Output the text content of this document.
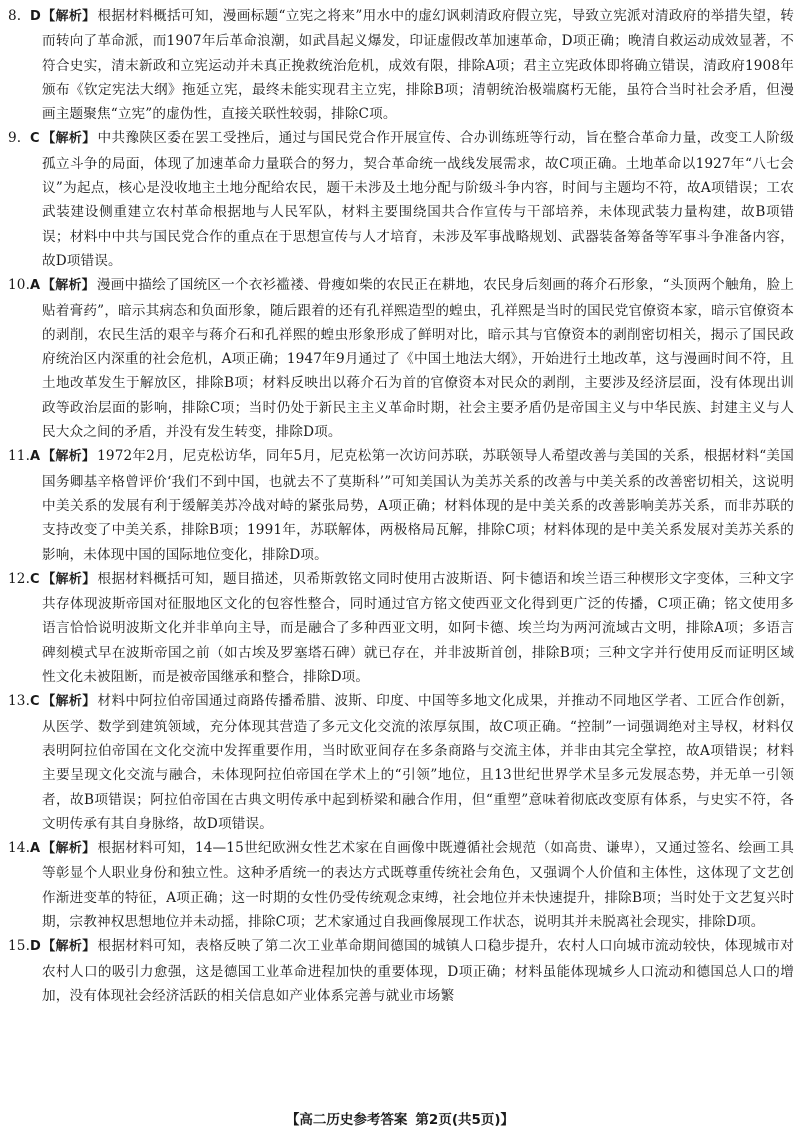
8. D【解析】 根据材料概括可知，漫画标题“立宪之将来”用水中的虚幻讽刺清政府假立宪，导致立宪派对清政府的举措失望，转而转向了革命派，而1907年后革命浪潮，如武昌起义爆发，印证虚假改革加速革命，D项正确；晚清自救运动成效显著，不符合史实，清末新政和立宪运动并未真正挽救统治危机，成效有限，排除A项；君主立宪政体即将确立错误，清政府1908年颁布《钦定宪法大纲》拖延立宪，最终未能实现君主立宪，排除B项；清朝统治极端腐朽无能，虽符合当时社会矛盾，但漫画主题聚焦“立宪”的虚伪性，直接关联性较弱，排除C项。

9. C 【解析】 中共豫陕区委在罢工受挫后，通过与国民党合作开展宣传、合办训练班等行动，旨在整合革命力量，改变工人阶级孤立斗争的局面，体现了加速革命力量联合的努力，契合革命统一战线发展需求，故C项正确。土地革命以1927年“八七会议”为起点，核心是没收地主土地分配给农民，题干未涉及土地分配与阶级斗争内容，时间与主题均不符，故A项错误；工农武装建设侧重建立农村革命根据地与人民军队，材料主要围绕国共合作宣传与干部培养，未体现武装力量构建，故B项错误；材料中中共与国民党合作的重点在于思想宣传与人才培育，未涉及军事战略规划、武器装备筹备等军事斗争准备内容，故D项错误。

10.A 【解析】 漫画中描绘了国统区一个衣衫褴褛、骨瘦如柴的农民正在耕地，农民身后刻画的蒋介石形象，“头顶两个触角，脸上贴着膏药”，暗示其病态和负面形象，随后跟着的还有孔祥熙造型的蝗虫，孔祥熙是当时的国民党官僚资本家，暗示官僚资本的剥削，农民生活的艰辛与蒋介石和孔祥熙的蝗虫形象形成了鲜明对比，暗示其与官僚资本的剥削密切相关，揭示了国民政府统治区内深重的社会危机，A项正确；1947年9月通过了《中国土地法大纲》，开始进行土地改革，这与漫画时间不符，且土地改革发生于解放区，排除B项；材料反映出以蒋介石为首的官僚资本对民众的剥削，主要涉及经济层面，没有体现出训政等政治层面的影响，排除C项；当时仍处于新民主主义革命时期，社会主要矛盾仍是帝国主义与中华民族、封建主义与人民大众之间的矛盾，并没有发生转变，排除D项。

11.A 【解析】 1972年2月，尼克松访华，同年5月，尼克松第一次访问苏联，苏联领导人希望改善与美国的关系，根据材料“美国国务卿基辛格曾评价‘我们不到中国，也就去不了莫斯科’”可知美国认为美苏关系的改善与中美关系的改善密切相关，这说明中美关系的发展有利于缓解美苏冷战对峙的紧张局势，A项正确；材料体现的是中美关系的改善影响美苏关系，而非苏联的支持改变了中美关系，排除B项；1991年，苏联解体，两极格局瓦解，排除C项；材料体现的是中美关系发展对美苏关系的影响，未体现中国的国际地位变化，排除D项。

12.C 【解析】 根据材料概括可知，题目描述，贝希斯敦铭文同时使用古波斯语、阿卡德语和埃兰语三种楔形文字变体，三种文字共存体现波斯帝国对征服地区文化的包容性整合，同时通过官方铭文使西亚文化得到更广泛的传播，C项正确；铭文使用多语言恰恰说明波斯文化并非单向主导，而是融合了多种西亚文明，如阿卡德、埃兰均为两河流域古文明，排除A项；多语言碑刻模式早在波斯帝国之前（如古埃及罗塞塔石碑）就已存在，并非波斯首创，排除B项；三种文字并行使用反而证明区域性文化未被阻断，而是被帝国继承和整合，排除D项。

13.C 【解析】 材料中阿拉伯帝国通过商路传播希腊、波斯、印度、中国等多地文化成果，并推动不同地区学者、工匠合作创新，从医学、数学到建筑领域，充分体现其营造了多元文化交流的浓厚氛围，故C项正确。“控制”一词强调绝对主导权，材料仅表明阿拉伯帝国在文化交流中发挥重要作用，当时欧亚间存在多条商路与交流主体，并非由其完全掌控，故A项错误；材料主要呈现文化交流与融合，未体现阿拉伯帝国在学术上的“引领”地位，且13世纪世界学术呈多元发展态势，并无单一引领者，故B项错误；阿拉伯帝国在古典文明传承中起到桥梁和融合作用，但“重塑”意味着彻底改变原有体系，与史实不符，各文明传承有其自身脉络，故D项错误。

14.A 【解析】 根据材料可知，14—15世纪欧洲女性艺术家在自画像中既遵循社会规范（如高贵、谦卑），又通过签名、绘画工具等彰显个人职业身份和独立性。这种矛盾统一的表达方式既尊重传统社会角色，又强调个人价值和主体性，这体现了文艺创作渐进变革的特征，A项正确；这一时期的女性仍受传统观念束缚，社会地位并未快速提升，排除B项；当时处于文艺复兴时期，宗教神权思想地位并未动摇，排除C项；艺术家通过自我画像展现工作状态，说明其并未脱离社会现实，排除D项。

15.D【解析】 根据材料可知，表格反映了第二次工业革命期间德国的城镇人口稳步提升，农村人口向城市流动较快，体现城市对农村人口的吸引力愈强，这是德国工业革命进程加快的重要体现，D项正确；材料虽能体现城乡人口流动和德国总人口的增加，没有体现社会经济活跃的相关信息如产业体系完善与就业市场繁

【高二历史参考答案 第2页(共5页)】
